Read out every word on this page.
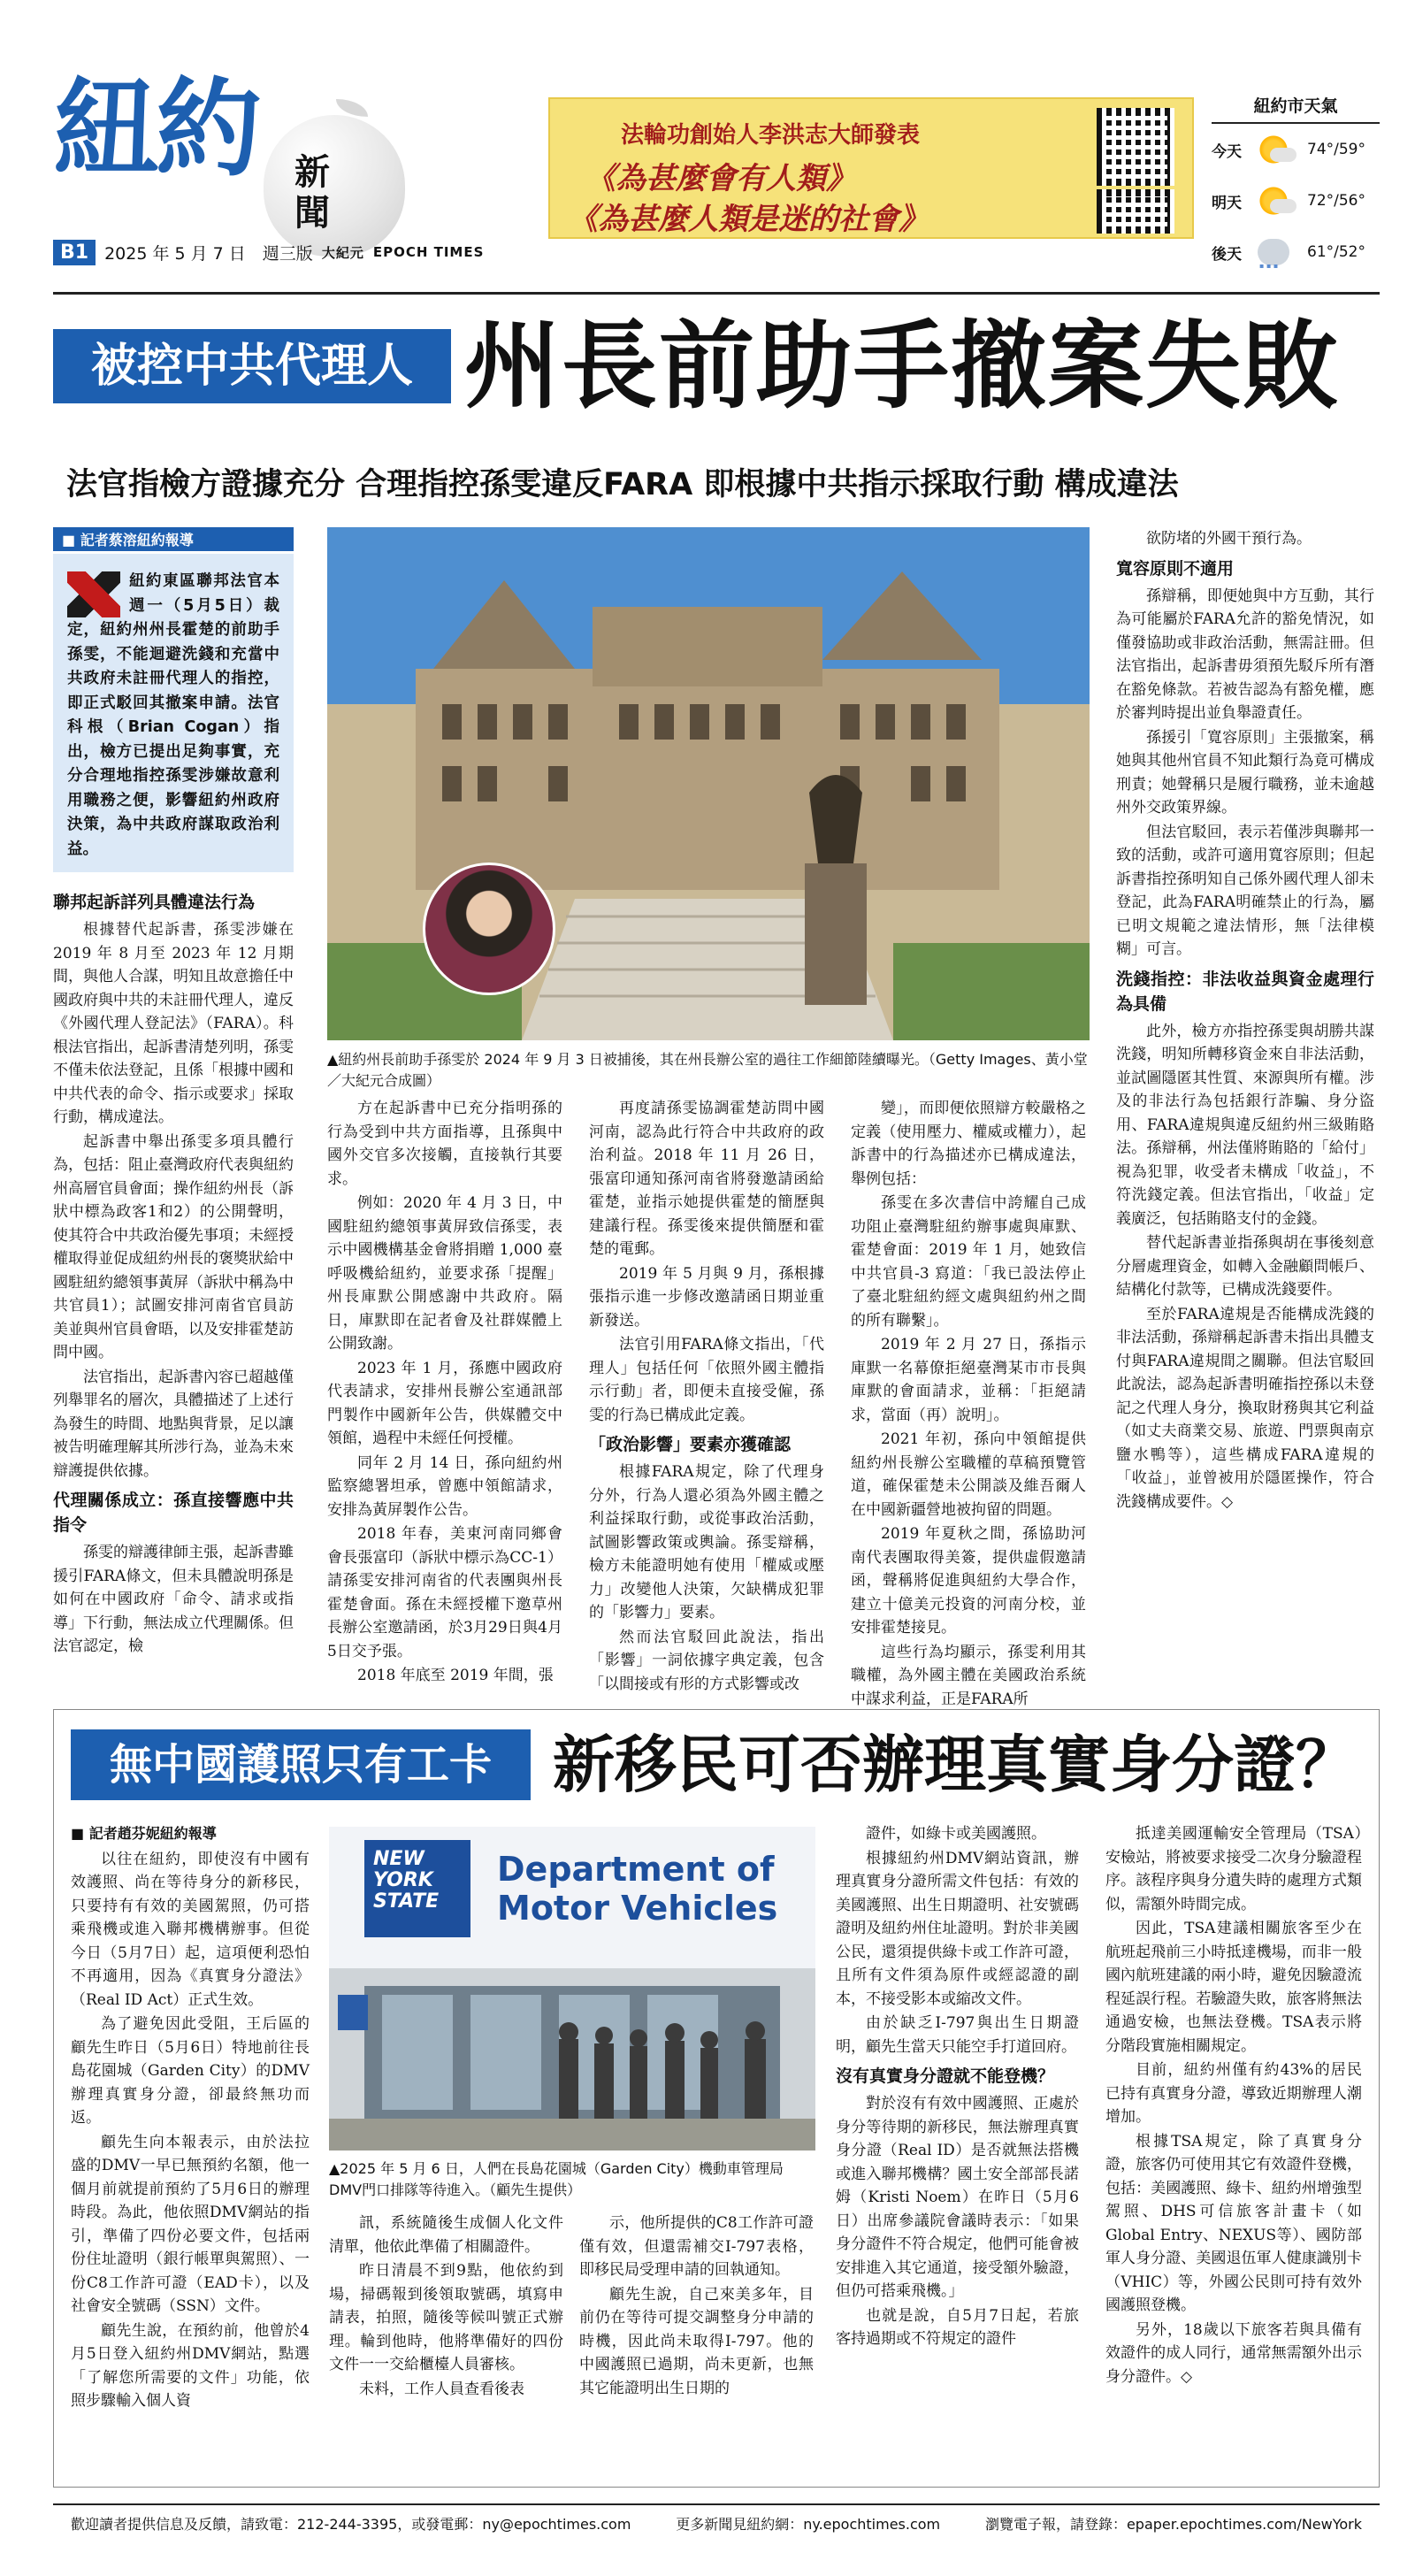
紐約 新
聞
B1 2025 年 5 月 7 日　週三版 大紀元 EPOCH TIMES
法輪功創始人李洪志大師發表
《為甚麼會有人類》
《為甚麼人類是迷的社會》
紐約市天氣
今天	74°/59°
明天	72°/56°
後天
▪ ▪ ▪	61°/52°
被控中共代理人 州長前助手撤案失敗
法官指檢方證據充分 合理指控孫雯違反FARA 即根據中共指示採取行動 構成違法
紐約東區聯邦法官本週一（5月5日）裁定，紐約州州長霍楚的前助手孫雯，不能迴避洗錢和充當中共政府未註冊代理人的指控，即正式駁回其撤案申請。法官科根（Brian Cogan）指出，檢方已提出足夠事實，充分合理地指控孫雯涉嫌故意利用職務之便，影響紐約州政府決策，為中共政府謀取政治利益。
■ 記者蔡溶紐約報導
▲紐約州長前助手孫雯於 2024 年 9 月 3 日被捕後，其在州長辦公室的過往工作細節陸續曝光。（Getty Images、黃小堂／大紀元合成圖）
聯邦起訴詳列具體違法行為

根據替代起訴書，孫雯涉嫌在 2019 年 8 月至 2023 年 12 月期間，與他人合謀，明知且故意擔任中國政府與中共的未註冊代理人，違反《外國代理人登記法》（FARA）。科根法官指出，起訴書清楚列明，孫雯不僅未依法登記，且係「根據中國和中共代表的命令、指示或要求」採取行動，構成違法。

起訴書中舉出孫雯多項具體行為，包括：阻止臺灣政府代表與紐約州高層官員會面；操作紐約州長（訴狀中標為政客1和2）的公開聲明，使其符合中共政治優先事項；未經授權取得並促成紐約州長的褒獎狀給中國駐紐約總領事黃屏（訴狀中稱為中共官員1）；試圖安排河南省官員訪美並與州官員會晤，以及安排霍楚訪問中國。

法官指出，起訴書內容已超越僅列舉罪名的層次，具體描述了上述行為發生的時間、地點與背景，足以讓被告明確理解其所涉行為，並為未來辯護提供依據。

代理關係成立：孫直接響應中共指令

孫雯的辯護律師主張，起訴書雖援引FARA條文，但未具體說明孫是如何在中國政府「命令、請求或指導」下行動，無法成立代理關係。但法官認定，檢

方在起訴書中已充分指明孫的行為受到中共方面指導，且孫與中國外交官多次接觸，直接執行其要求。

例如：2020 年 4 月 3 日，中國駐紐約總領事黃屏致信孫雯，表示中國機構基金會將捐贈 1,000 臺呼吸機給紐約，並要求孫「提醒」州長庫默公開感謝中共政府。隔日，庫默即在記者會及社群媒體上公開致謝。

2023 年 1 月，孫應中國政府代表請求，安排州長辦公室通訊部門製作中國新年公告，供媒體交中領館，過程中未經任何授權。

同年 2 月 14 日，孫向紐約州監察總署坦承，曾應中領館請求，安排為黃屏製作公告。

2018 年春，美東河南同鄉會會長張富印（訴狀中標示為CC-1）請孫雯安排河南省的代表團與州長霍楚會面。孫在未經授權下邀草州長辦公室邀請函，於3月29日與4月5日交予張。

2018 年底至 2019 年間，張

再度請孫雯協調霍楚訪問中國河南，認為此行符合中共政府的政治利益。2018 年 11 月 26 日，張富印通知孫河南省將發邀請函給霍楚，並指示她提供霍楚的簡歷與建議行程。孫雯後來提供簡歷和霍楚的電郵。

2019 年 5 月與 9 月，孫根據張指示進一步修改邀請函日期並重新發送。

法官引用FARA條文指出，「代理人」包括任何「依照外國主體指示行動」者，即便未直接受僱，孫雯的行為已構成此定義。

「政治影響」要素亦獲確認

根據FARA規定，除了代理身分外，行為人還必須為外國主體之利益採取行動，或從事政治活動，試圖影響政策或輿論。孫雯辯稱，檢方未能證明她有使用「權威或壓力」改變他人決策，欠缺構成犯罪的「影響力」要素。

然而法官駁回此說法，指出「影響」一詞依據字典定義，包含「以間接或有形的方式影響或改

變」，而即便依照辯方較嚴格之定義（使用壓力、權威或權力），起訴書中的行為描述亦已構成違法，舉例包括：

孫雯在多次書信中誇耀自己成功阻止臺灣駐紐約辦事處與庫默、霍楚會面：2019 年 1 月，她致信中共官員-3 寫道：「我已設法停止了臺北駐紐約經文處與紐約州之間的所有聯繫」。

2019 年 2 月 27 日，孫指示庫默一名幕僚拒絕臺灣某市市長與庫默的會面請求，並稱：「拒絕請求，當面（再）說明」。

2021 年初，孫向中領館提供紐約州長辦公室職權的草稿預覽管道，確保霍楚未公開談及維吾爾人在中國新疆營地被拘留的問題。

2019 年夏秋之間，孫協助河南代表團取得美簽，提供虛假邀請函，聲稱將促進與紐約大學合作，建立十億美元投資的河南分校，並安排霍楚接見。

這些行為均顯示，孫雯利用其職權，為外國主體在美國政治系統中謀求利益，正是FARA所

欲防堵的外國干預行為。

寬容原則不適用

孫辯稱，即便她與中方互動，其行為可能屬於FARA允許的豁免情況，如僅發協助或非政治活動，無需註冊。但法官指出，起訴書毋須預先駁斥所有潛在豁免條款。若被告認為有豁免權，應於審判時提出並負舉證責任。

孫援引「寬容原則」主張撤案，稱她與其他州官員不知此類行為竟可構成刑責；她聲稱只是履行職務，並未逾越州外交政策界線。

但法官駁回，表示若僅涉與聯邦一致的活動，或許可適用寬容原則；但起訴書指控孫明知自己係外國代理人卻未登記，此為FARA明確禁止的行為，屬已明文規範之違法情形，無「法律模糊」可言。

洗錢指控：非法收益與資金處理行為具備

此外，檢方亦指控孫雯與胡勝共謀洗錢，明知所轉移資金來自非法活動，並試圖隱匿其性質、來源與所有權。涉及的非法行為包括銀行詐騙、身分盜用、FARA違規與違反紐約州三級賄賂法。孫辯稱，州法僅將賄賂的「給付」視為犯罪，收受者未構成「收益」，不符洗錢定義。但法官指出，「收益」定義廣泛，包括賄賂支付的金錢。

替代起訴書並指孫與胡在事後刻意分層處理資金，如轉入金融顧問帳戶、結構化付款等，已構成洗錢要件。

至於FARA違規是否能構成洗錢的非法活動，孫辯稱起訴書未指出具體支付與FARA違規間之關聯。但法官駁回此說法，認為起訴書明確指控孫以未登記之代理人身分，換取財務與其它利益（如丈夫商業交易、旅遊、門票與南京鹽水鴨等），這些構成FARA違規的「收益」，並曾被用於隱匿操作，符合洗錢構成要件。◇

無中國護照只有工卡 新移民可否辦理真實身分證？
■ 記者趙芬妮紐約報導

以往在紐約，即使沒有中國有效護照、尚在等待身分的新移民，只要持有有效的美國駕照，仍可搭乘飛機或進入聯邦機構辦事。但從今日（5月7日）起，這項便利恐怕不再適用，因為《真實身分證法》（Real ID Act）正式生效。

為了避免因此受阻，王后區的顧先生昨日（5月6日）特地前往長島花園城（Garden City）的DMV辦理真實身分證，卻最終無功而返。

顧先生向本報表示，由於法拉盛的DMV一早已無預約名額，他一個月前就提前預約了5月6日的辦理時段。為此，他依照DMV網站的指引，準備了四份必要文件，包括兩份住址證明（銀行帳單與駕照）、一份C8工作許可證（EAD卡），以及社會安全號碼（SSN）文件。

顧先生說，在預約前，他曾於4月5日登入紐約州DMV網站，點選「了解您所需要的文件」功能，依照步驟輸入個人資

NEW YORK STATE
Department of Motor Vehicles
▲2025 年 5 月 6 日，人們在長島花園城（Garden City）機動車管理局 DMV門口排隊等待進入。（顧先生提供）

訊，系統隨後生成個人化文件清單，他依此準備了相關證件。

昨日清晨不到9點，他依約到場，掃碼報到後領取號碼，填寫申請表，拍照，隨後等候叫號正式辦理。輪到他時，他將準備好的四份文件一一交給櫃檯人員審核。

未料，工作人員查看後表

示，他所提供的C8工作許可證僅有效，但還需補交I-797表格，即移民局受理申請的回執通知。

顧先生說，自己來美多年，目前仍在等待可提交調整身分申請的時機，因此尚未取得I-797。他的中國護照已過期，尚未更新，也無其它能證明出生日期的

證件，如綠卡或美國護照。

根據紐約州DMV網站資訊，辦理真實身分證所需文件包括：有效的美國護照、出生日期證明、社安號碼證明及紐約州住址證明。對於非美國公民，還須提供綠卡或工作許可證，且所有文件須為原件或經認證的副本，不接受影本或縮改文件。

由於缺乏I-797與出生日期證明，顧先生當天只能空手打道回府。

沒有真實身分證就不能登機？

對於沒有有效中國護照、正處於身分等待期的新移民，無法辦理真實身分證（Real ID）是否就無法搭機或進入聯邦機構？國土安全部部長諾姆（Kristi Noem）在昨日（5月6日）出席參議院會議時表示：「如果身分證件不符合規定，他們可能會被安排進入其它通道，接受額外驗證，但仍可搭乘飛機。」

也就是說，自5月7日起，若旅客持過期或不符規定的證件

抵達美國運輸安全管理局（TSA）安檢站，將被要求接受二次身分驗證程序。該程序與身分遺失時的處理方式類似，需額外時間完成。

因此，TSA建議相關旅客至少在航班起飛前三小時抵達機場，而非一般國內航班建議的兩小時，避免因驗證流程延誤行程。若驗證失敗，旅客將無法通過安檢，也無法登機。TSA表示將分階段實施相關規定。

目前，紐約州僅有約43%的居民已持有真實身分證，導致近期辦理人潮增加。

根據TSA規定，除了真實身分證，旅客仍可使用其它有效證件登機，包括：美國護照、綠卡、紐約州增強型駕照、DHS可信旅客計畫卡（如Global Entry、NEXUS等）、國防部軍人身分證、美國退伍軍人健康識別卡（VHIC）等，外國公民則可持有效外國護照登機。

另外，18歲以下旅客若與具備有效證件的成人同行，通常無需額外出示身分證件。◇

歡迎讀者提供信息及反饋，請致電：212-244-3395，或發電郵：ny@epochtimes.com	更多新聞見紐約網：ny.epochtimes.com	瀏覽電子報，請登錄：epaper.epochtimes.com/NewYork
